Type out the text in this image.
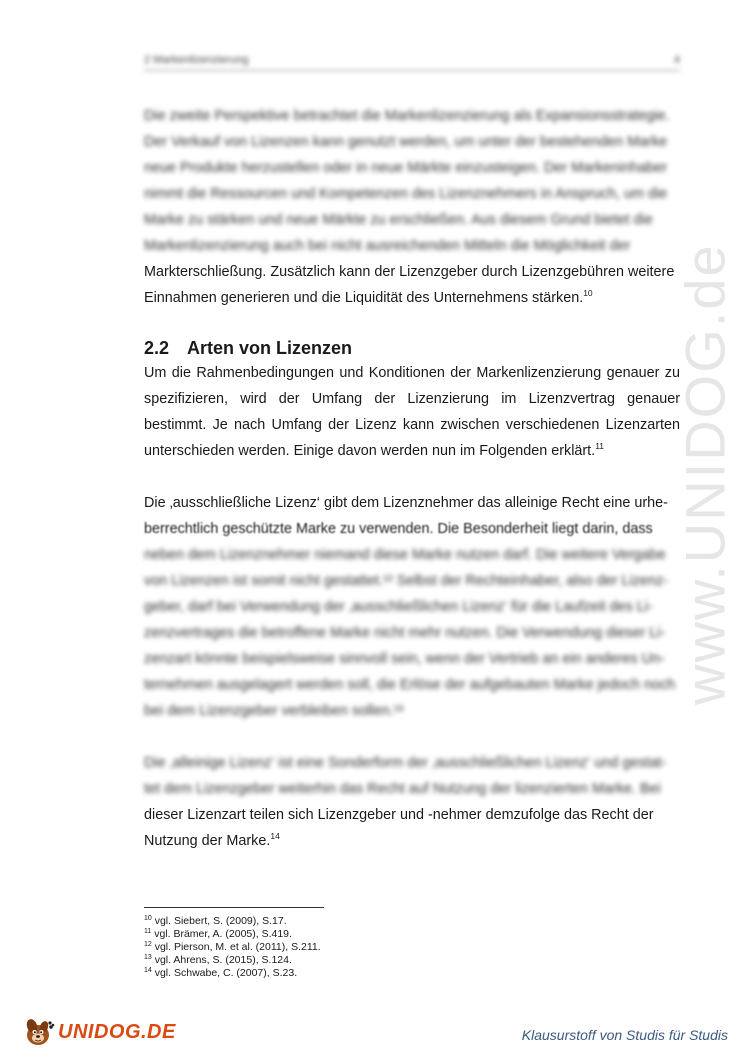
2 Markenlizenzierung	4
www.UNIDOG.de
Die zweite Perspektive betrachtet die Markenlizenzierung als Expansionsstrategie.
Der Verkauf von Lizenzen kann genutzt werden, um unter der bestehenden Marke
neue Produkte herzustellen oder in neue Märkte einzusteigen. Der Markeninhaber
nimmt die Ressourcen und Kompetenzen des Lizenznehmers in Anspruch, um die
Marke zu stärken und neue Märkte zu erschließen. Aus diesem Grund bietet die
Markenlizenzierung auch bei nicht ausreichenden Mitteln die Möglichkeit der
Markterschließung. Zusätzlich kann der Lizenzgeber durch Lizenzgebühren weitere
Einnahmen generieren und die Liquidität des Unternehmens stärken.$^{10}$
2.2 Arten von Lizenzen
Um die Rahmenbedingungen und Konditionen der Markenlizenzierung genauer zu spezifizieren, wird der Umfang der Lizenzierung im Lizenzvertrag genauer bestimmt. Je nach Umfang der Lizenz kann zwischen verschiedenen Lizenzarten unterschieden werden. Einige davon werden nun im Folgenden erklärt.$^{11}$
Die ‚ausschließliche Lizenz‘ gibt dem Lizenznehmer das alleinige Recht eine urhe-
berrechtlich geschützte Marke zu verwenden. Die Besonderheit liegt darin, dass
neben dem Lizenznehmer niemand diese Marke nutzen darf. Die weitere Vergabe
von Lizenzen ist somit nicht gestattet.¹² Selbst der Rechteinhaber, also der Lizenz-
geber, darf bei Verwendung der ‚ausschließlichen Lizenz‘ für die Laufzeit des Li-
zenzvertrages die betroffene Marke nicht mehr nutzen. Die Verwendung dieser Li-
zenzart könnte beispielsweise sinnvoll sein, wenn der Vertrieb an ein anderes Un-
ternehmen ausgelagert werden soll, die Erlöse der aufgebauten Marke jedoch noch
bei dem Lizenzgeber verbleiben sollen.¹³
Die ‚alleinige Lizenz‘ ist eine Sonderform der ‚ausschließlichen Lizenz‘ und gestat-
tet dem Lizenzgeber weiterhin das Recht auf Nutzung der lizenzierten Marke. Bei
dieser Lizenzart teilen sich Lizenzgeber und -nehmer demzufolge das Recht der
Nutzung der Marke.$^{14}$
$^{10}$ vgl. Siebert, S. (2009), S.17.
$^{11}$ vgl. Brämer, A. (2005), S.419.
$^{12}$ vgl. Pierson, M. et al. (2011), S.211.
$^{13}$ vgl. Ahrens, S. (2015), S.124.
$^{14}$ vgl. Schwabe, C. (2007), S.23.
UNIDOG.DE	Klausurstoff von Studis für Studis
